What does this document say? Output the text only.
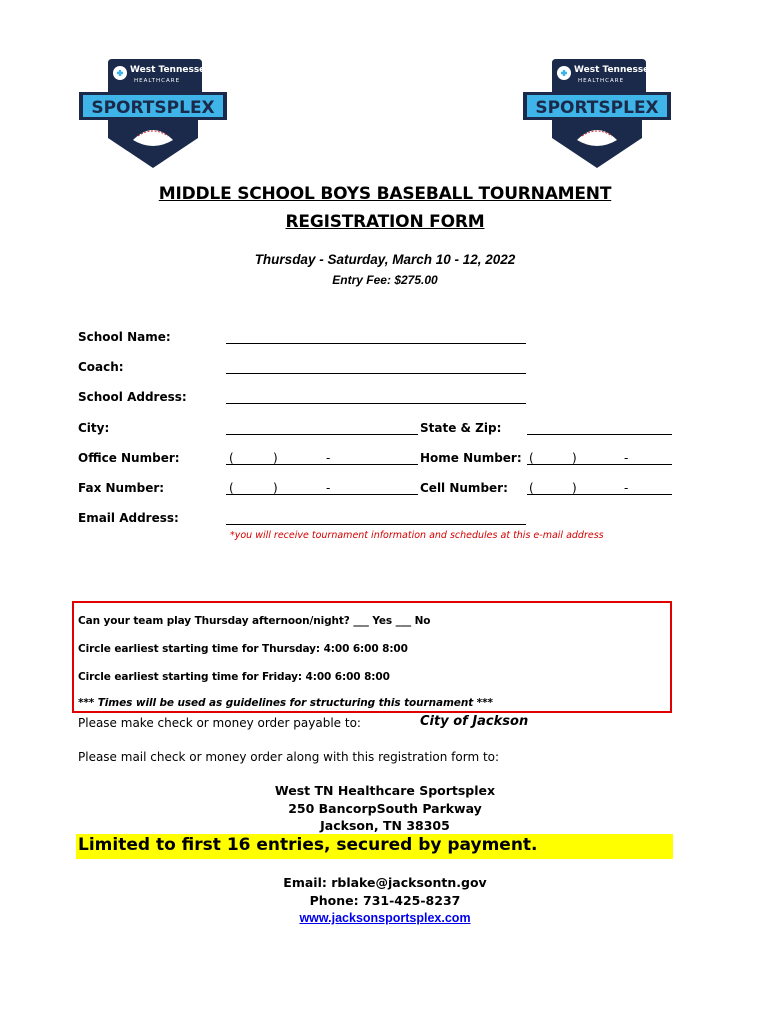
West Tennessee
HEALTHCARE
SPORTSPLEX
West Tennessee
HEALTHCARE
SPORTSPLEX
MIDDLE SCHOOL BOYS BASEBALL TOURNAMENT
REGISTRATION FORM
Thursday - Saturday, March 10 - 12, 2022
Entry Fee: $275.00
School Name:
Coach:
School Address:
City:	State & Zip:
Office Number:	(	)	-	Home Number: (	)	-
Fax Number:	(	)	-	Cell Number: (	)	-
Email Address:
*you will receive tournament information and schedules at this e-mail address
Can your team play Thursday afternoon/night? ___ Yes ___ No
Circle earliest starting time for Thursday: 4:00 6:00 8:00
Circle earliest starting time for Friday: 4:00 6:00 8:00
*** Times will be used as guidelines for structuring this tournament ***
Please make check or money order payable to:	City of Jackson
Please mail check or money order along with this registration form to:
West TN Healthcare Sportsplex
250 BancorpSouth Parkway
Jackson, TN 38305
Limited to first 16 entries, secured by payment.
Email: rblake@jacksontn.gov
Phone: 731-425-8237
www.jacksonsportsplex.com
